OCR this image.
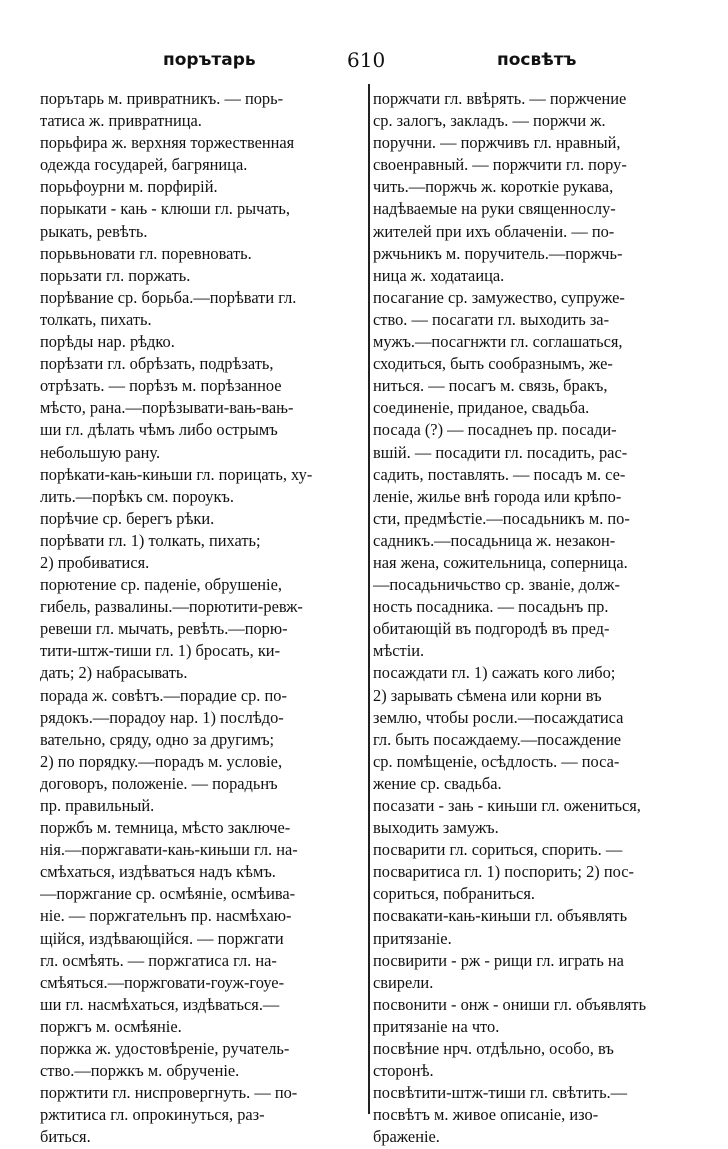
порътарь	610	посвѣтъ
порътарь м. привратникъ. — порь-
татиса ж. привратница.
порьфира ж. верхняя торжественная
одежда государей, багряница.
порьфоурни м. порфирій.
порыкати - кањ - клюши гл. рычать,
рыкать, ревѣть.
порьвьновати гл. поревновать.
порьзати гл. поржать.
порѣвание ср. борьба.—порѣвати гл.
толкать, пихать.
порѣды нар. рѣдко.
порѣзати гл. обрѣзать, подрѣзать,
отрѣзать. — порѣзъ м. порѣзанное
мѣсто, рана.—порѣзывати-вањ-вањ-
ши гл. дѣлать чѣмъ либо острымъ
небольшую рану.
порѣкати-кањ-кињши гл. порицать, ху-
лить.—порѣкъ см. пороукъ.
порѣчие ср. берегъ рѣки.
порѣвати гл. 1) толкать, пихать;
2) пробиватися.
порютение ср. паденіе, обрушеніе,
гибель, развалины.—порютити-ревж-
ревеши гл. мычать, ревѣть.—порю-
тити-штж-тиши гл. 1) бросать, ки-
дать; 2) набрасывать.
порада ж. совѣтъ.—порадие ср. по-
рядокъ.—порадоу нар. 1) послѣдо-
вательно, сряду, одно за другимъ;
2) по порядку.—порадъ м. условіе,
договоръ, положеніе. — порадьнъ
пр. правильный.
поржбъ м. темница, мѣсто заключе-
нія.—поржгавати-кањ-кињши гл. на-
смѣхаться, издѣваться надъ кѣмъ.
—поржгание ср. осмѣяніе, осмѣива-
ніе. — поржгательнъ пр. насмѣхаю-
щійся, издѣвающійся. — поржгати
гл. осмѣять. — поржгатиса гл. на-
смѣяться.—поржговати-гоуж-гоуе-
ши гл. насмѣхаться, издѣваться.—
поржгъ м. осмѣяніе.
поржка ж. удостовѣреніе, ручатель-
ство.—поржкъ м. обрученіе.
поржтити гл. ниспровергнуть. — по-
ржтитиса гл. опрокинуться, раз-
биться.
поржчати гл. ввѣрять. — поржчение
ср. залогъ, закладъ. — поржчи ж.
поручни. — поржчивъ гл. нравный,
своенравный. — поржчити гл. пору-
чить.—поржчь ж. короткіе рукава,
надѣваемые на руки священнослу-
жителей при ихъ облаченіи. — по-
ржчьникъ м. поручитель.—поржчь-
ница ж. ходатаица.
посагание ср. замужество, супруже-
ство. — посагати гл. выходить за-
мужъ.—посагнжти гл. соглашаться,
сходиться, быть сообразнымъ, же-
ниться. — посагъ м. связь, бракъ,
соединеніе, приданое, свадьба.
посада (?) — посаднеъ пр. посади-
вшій. — посадити гл. посадить, рас-
садить, поставлять. — посадъ м. се-
леніе, жилье внѣ города или крѣпо-
сти, предмѣстіе.—посадьникъ м. по-
садникъ.—посадьница ж. незакон-
ная жена, сожительница, соперница.
—посадьничьство ср. званіе, долж-
ность посадника. — посадьнъ пр.
обитающій въ подгородѣ въ пред-
мѣстіи.
посаждати гл. 1) сажать кого либо;
2) зарывать сѣмена или корни въ
землю, чтобы росли.—посаждатиса
гл. быть посаждаему.—посаждение
ср. помѣщеніе, осѣдлость. — поса-
жение ср. свадьба.
посазати - зањ - кињши гл. ожениться,
выходить замужъ.
посварити гл. сориться, спорить. —
посваритиса гл. 1) поспорить; 2) пос-
сориться, побраниться.
посвакати-кањ-кињши гл. объявлять
притязаніе.
посвирити - рж - рищи гл. играть на
свирели.
посвонити - онж - ониши гл. объявлять
притязаніе на что.
посвѣние нрч. отдѣльно, особо, въ
сторонѣ.
посвѣтити-штж-тиши гл. свѣтить.—
посвѣтъ м. живое описаніе, изо-
браженіе.
